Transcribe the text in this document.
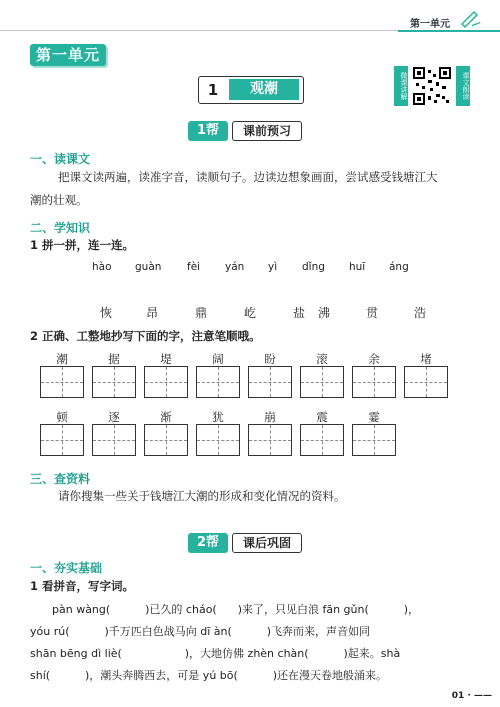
第一单元
第一单元
1	观潮	微课讲解	课文朗读
1帮	课前预习
一、读课文
把课文读两遍，读准字音，读顺句子。边读边想象画面，尝试感受钱塘江大
潮的壮观。
二、学知识
1 拼一拼，连一连。
hào guàn fèi yán yì dǐng huī áng
恢	昂	鼎	屹	盐 沸	贯	浩
2 正确、工整地抄写下面的字，注意笔顺哦。
潮	据	堤	阔	盼	滚	余	堵
顿	逐	渐	犹	崩	震	霎
三、查资料
请你搜集一些关于钱塘江大潮的形成和变化情况的资料。
2帮	课后巩固
一、夯实基础
1 看拼音，写字词。
pàn wàng(          )已久的 cháo(      )来了，只见白浪 fān gǔn(          )，
yóu rú(          )千万匹白色战马向 dī àn(          )飞奔而来，声音如同
shān bēng dì liè(                  )，大地仿佛 zhèn chàn(          )起来。shà
shí(          )，潮头奔腾西去，可是 yú bō(          )还在漫天卷地般涌来。
01 · ——
